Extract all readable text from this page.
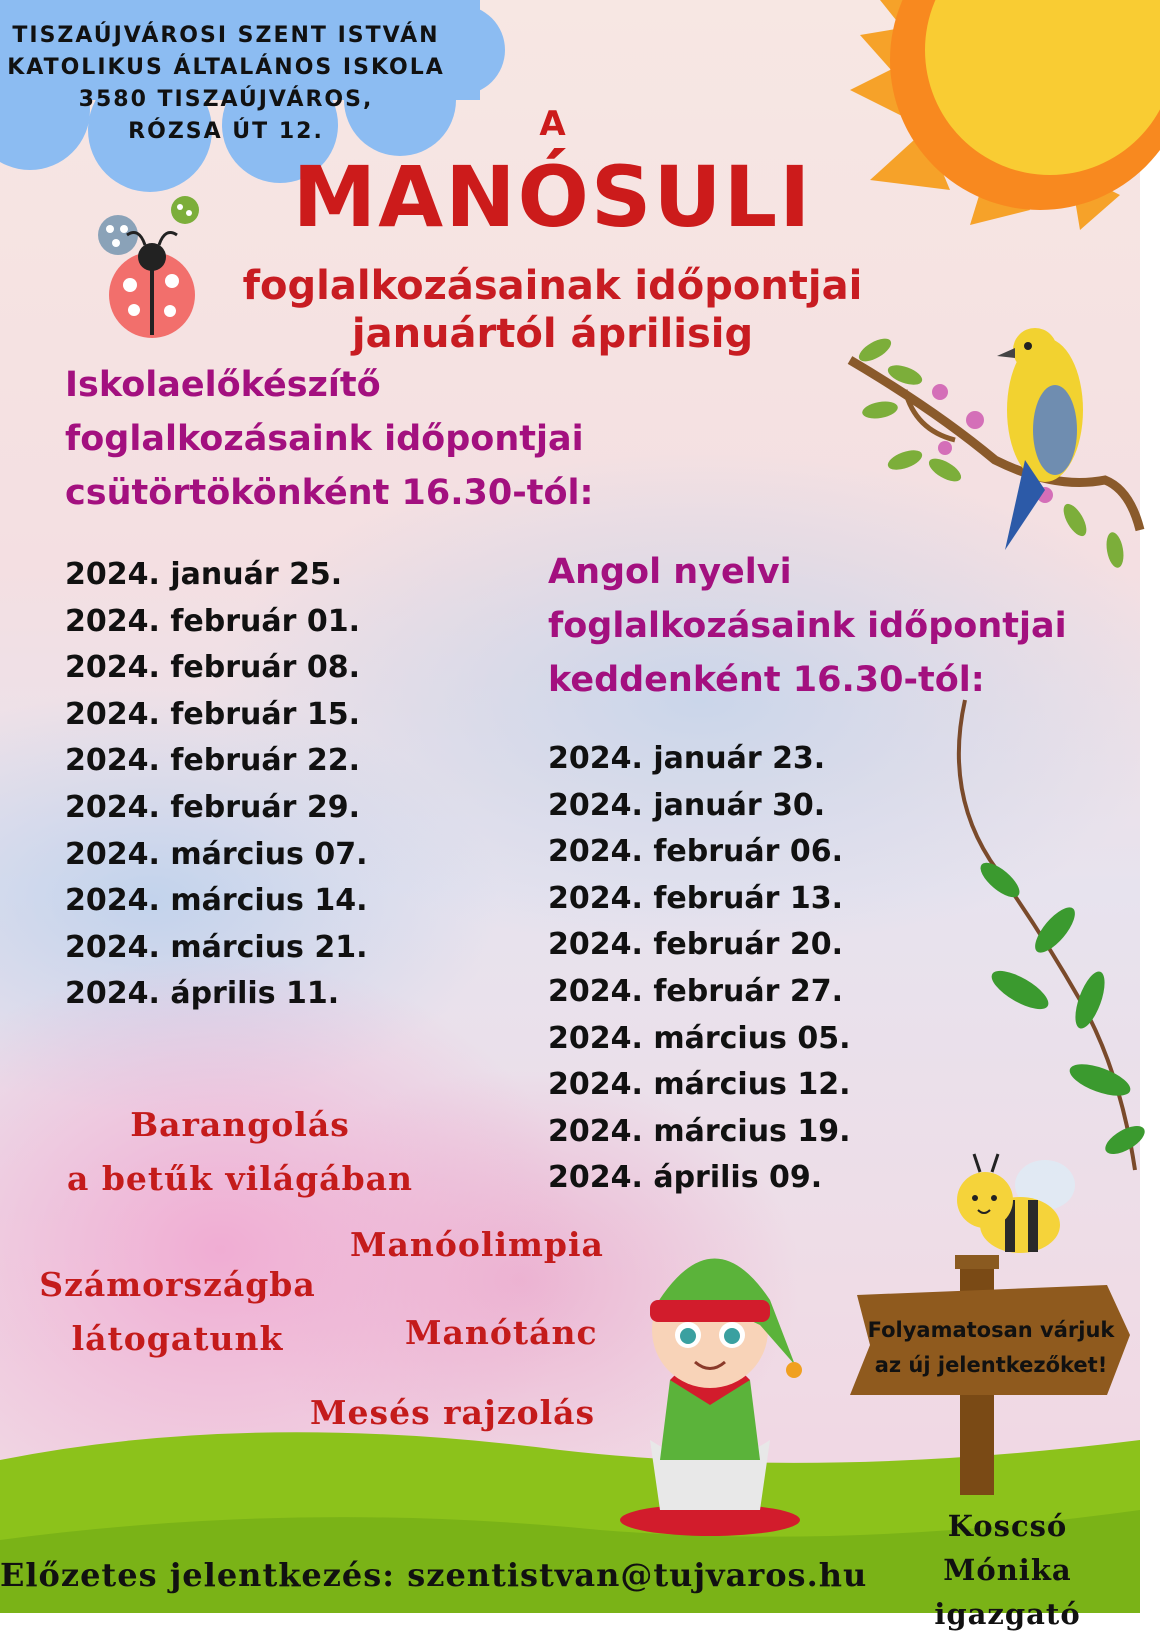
TISZAÚJVÁROSI SZENT ISTVÁN
KATOLIKUS ÁLTALÁNOS ISKOLA
3580 TISZAÚJVÁROS,
RÓZSA ÚT 12.	A
MANÓSULI
foglalkozásainak időpontjai
januártól áprilisig
Iskolaelőkészítő
foglalkozásaink időpontjai
csütörtökönként 16.30-tól:
2024. január 25.
2024. február 01.
2024. február 08.
2024. február 15.
2024. február 22.
2024. február 29.
2024. március 07.
2024. március 14.
2024. március 21.
2024. április 11.
Angol nyelvi
foglalkozásaink időpontjai
keddenként 16.30-tól:
2024. január 23.
2024. január 30.
2024. február 06.
2024. február 13.
2024. február 20.
2024. február 27.
2024. március 05.
2024. március 12.
2024. március 19.
2024. április 09.
Barangolás
a betűk világában
Manóolimpia
Számországba
látogatunk	Manótánc
Mesés rajzolás
Folyamatosan várjuk
az új jelentkezőket!
Előzetes jelentkezés: szentistvan@tujvaros.hu
Koscsó Mónika
igazgató
